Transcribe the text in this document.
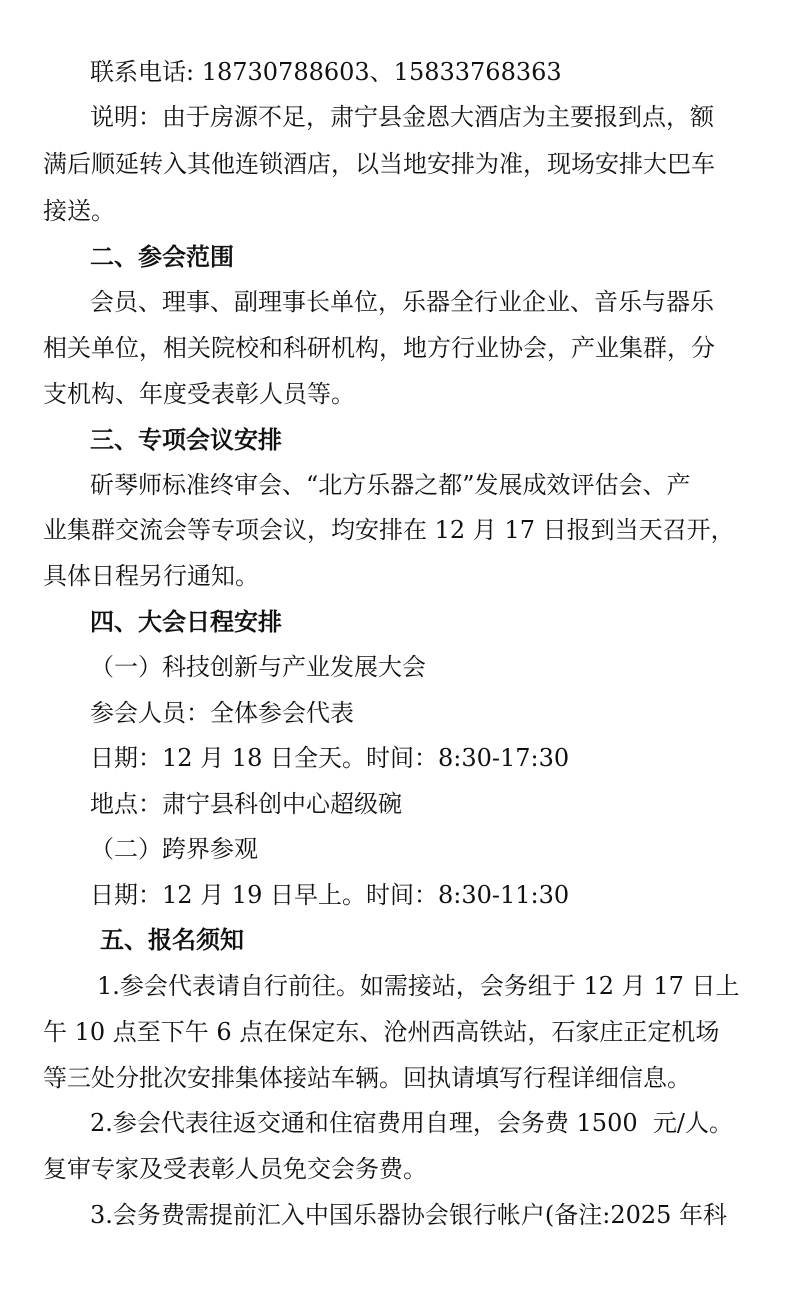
联系电话: 18730788603、15833768363
说明：由于房源不足，肃宁县金恩大酒店为主要报到点，额
满后顺延转入其他连锁酒店，以当地安排为准，现场安排大巴车
接送。
二、参会范围
会员、理事、副理事长单位，乐器全行业企业、音乐与器乐
相关单位，相关院校和科研机构，地方行业协会，产业集群，分
支机构、年度受表彰人员等。
三、专项会议安排
斫琴师标准终审会、“北方乐器之都”发展成效评估会、产
业集群交流会等专项会议，均安排在 12 月 17 日报到当天召开，
具体日程另行通知。
四、大会日程安排
（一）科技创新与产业发展大会
参会人员：全体参会代表
日期：12 月 18 日全天。时间：8:30-17:30
地点：肃宁县科创中心超级碗
（二）跨界参观
日期：12 月 19 日早上。时间：8:30-11:30
五、报名须知
1.参会代表请自行前往。如需接站，会务组于 12 月 17 日上
午 10 点至下午 6 点在保定东、沧州西高铁站，石家庄正定机场
等三处分批次安排集体接站车辆。回执请填写行程详细信息。
2.参会代表往返交通和住宿费用自理，会务费 1500  元/人。
复审专家及受表彰人员免交会务费。
3.会务费需提前汇入中国乐器协会银行帐户(备注:2025 年科
